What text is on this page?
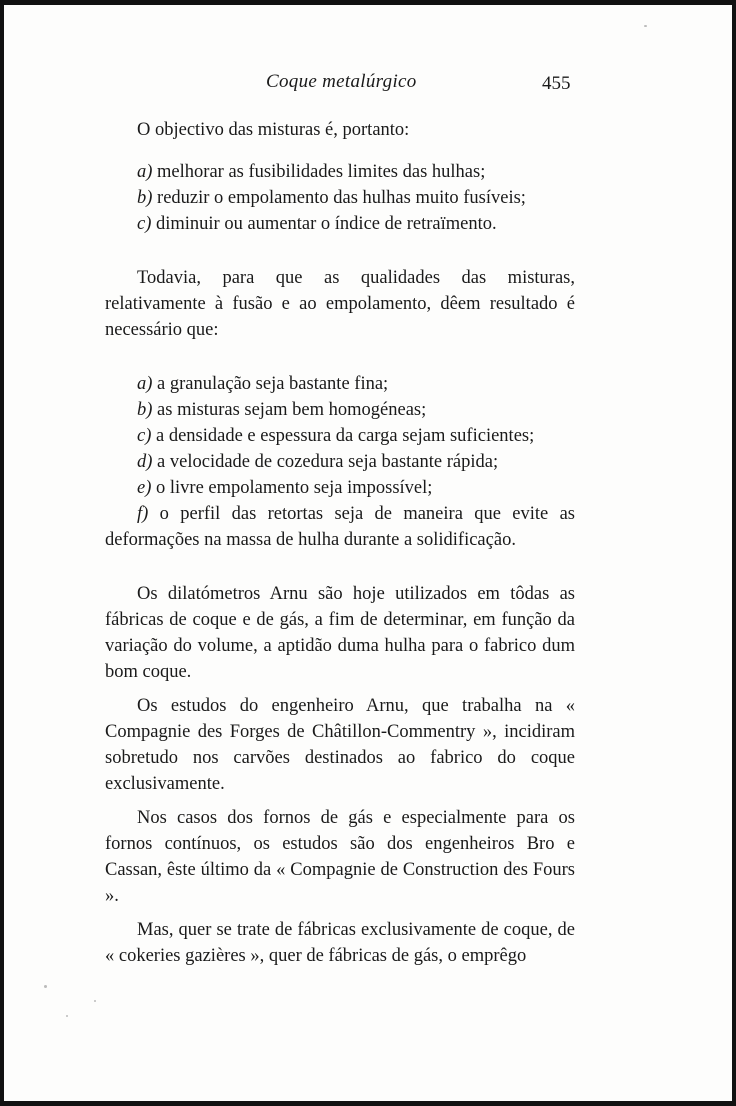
Coque metalúrgico	455

O objectivo das misturas é, portanto:

a) melhorar as fusibilidades limites das hulhas;

b) reduzir o empolamento das hulhas muito fusíveis;

c) diminuir ou aumentar o índice de retraïmento.

Todavia, para que as qualidades das misturas, relativamente à fusão e ao empolamento, dêem resultado é necessário que:

a) a granulação seja bastante fina;

b) as misturas sejam bem homogéneas;

c) a densidade e espessura da carga sejam suficientes;

d) a velocidade de cozedura seja bastante rápida;

e) o livre empolamento seja impossível;

f) o perfil das retortas seja de maneira que evite as deformações na massa de hulha durante a solidificação.

Os dilatómetros Arnu são hoje utilizados em tôdas as fábricas de coque e de gás, a fim de determinar, em função da variação do volume, a aptidão duma hulha para o fabrico dum bom coque.

Os estudos do engenheiro Arnu, que trabalha na « Compagnie des Forges de Châtillon-Commentry », incidiram sobretudo nos carvões destinados ao fabrico do coque exclusivamente.

Nos casos dos fornos de gás e especialmente para os fornos contínuos, os estudos são dos engenheiros Bro e Cassan, êste último da « Compagnie de Construction des Fours ».

Mas, quer se trate de fábricas exclusivamente de coque, de « cokeries gazières », quer de fábricas de gás, o emprêgo
